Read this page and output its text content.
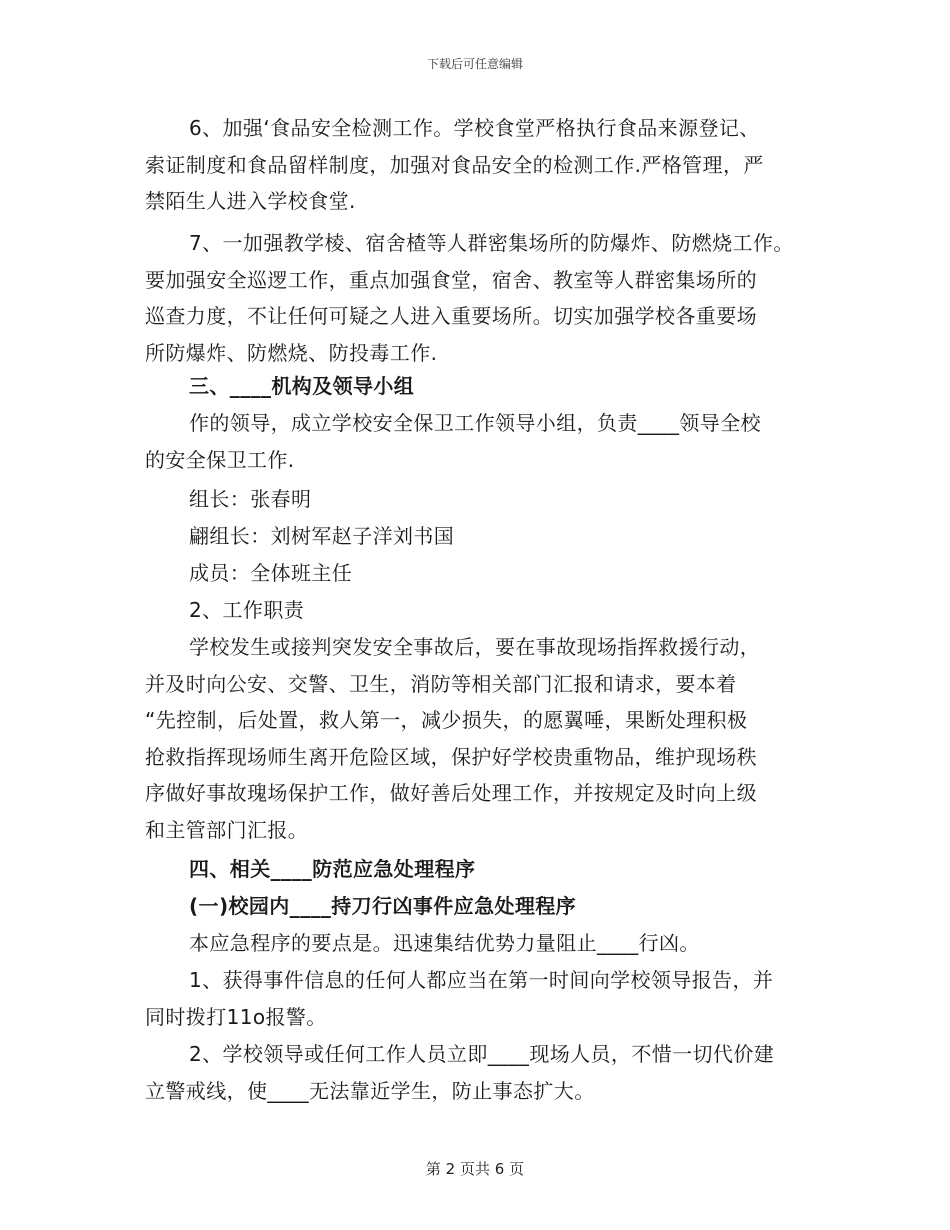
下载后可任意编辑

6、加强‘食品安全检测工作。学校食堂严格执行食品来源登记、
索证制度和食品留样制度，加强对食品安全的检测工作.严格管理，严
禁陌生人进入学校食堂.

7、一加强教学棱、宿舍楂等人群密集场所的防爆炸、防燃烧工作。
要加强安全巡逻工作，重点加强食堂，宿舍、教室等人群密集场所的
巡查力度，不让任何可疑之人进入重要场所。切实加强学校各重要场
所防爆炸、防燃烧、防投毒工作.

三、____机构及领导小组

作的领导，成立学校安全保卫工作领导小组，负责____领导全校
的安全保卫工作.

组长：张春明

翩组长：刘树军赵子洋刘书国

成员：全体班主任

2、工作职责

学校发生或接判突发安全事故后，要在事故现场指挥救援行动，
并及时向公安、交警、卫生，消防等相关部门汇报和请求，要本着
“先控制，后处置，救人第一，减少损失，的愿翼唾，果断处理积极
抢救指挥现场师生离开危险区域，保护好学校贵重物品，维护现场秩
序做好事故瑰场保护工作，做好善后处理工作，并按规定及时向上级
和主管部门汇报。

四、相关____防范应急处理程序

(一)校园内____持刀行凶事件应急处理程序

本应急程序的要点是。迅速集结优势力量阻止____行凶。

1、获得事件信息的任何人都应当在第一时间向学校领导报告，并
同时拨打11o报警。

2、学校领导或任何工作人员立即____现场人员，不惜一切代价建
立警戒线，使____无法靠近学生，防止事态扩大。

第 2 页共 6 页
